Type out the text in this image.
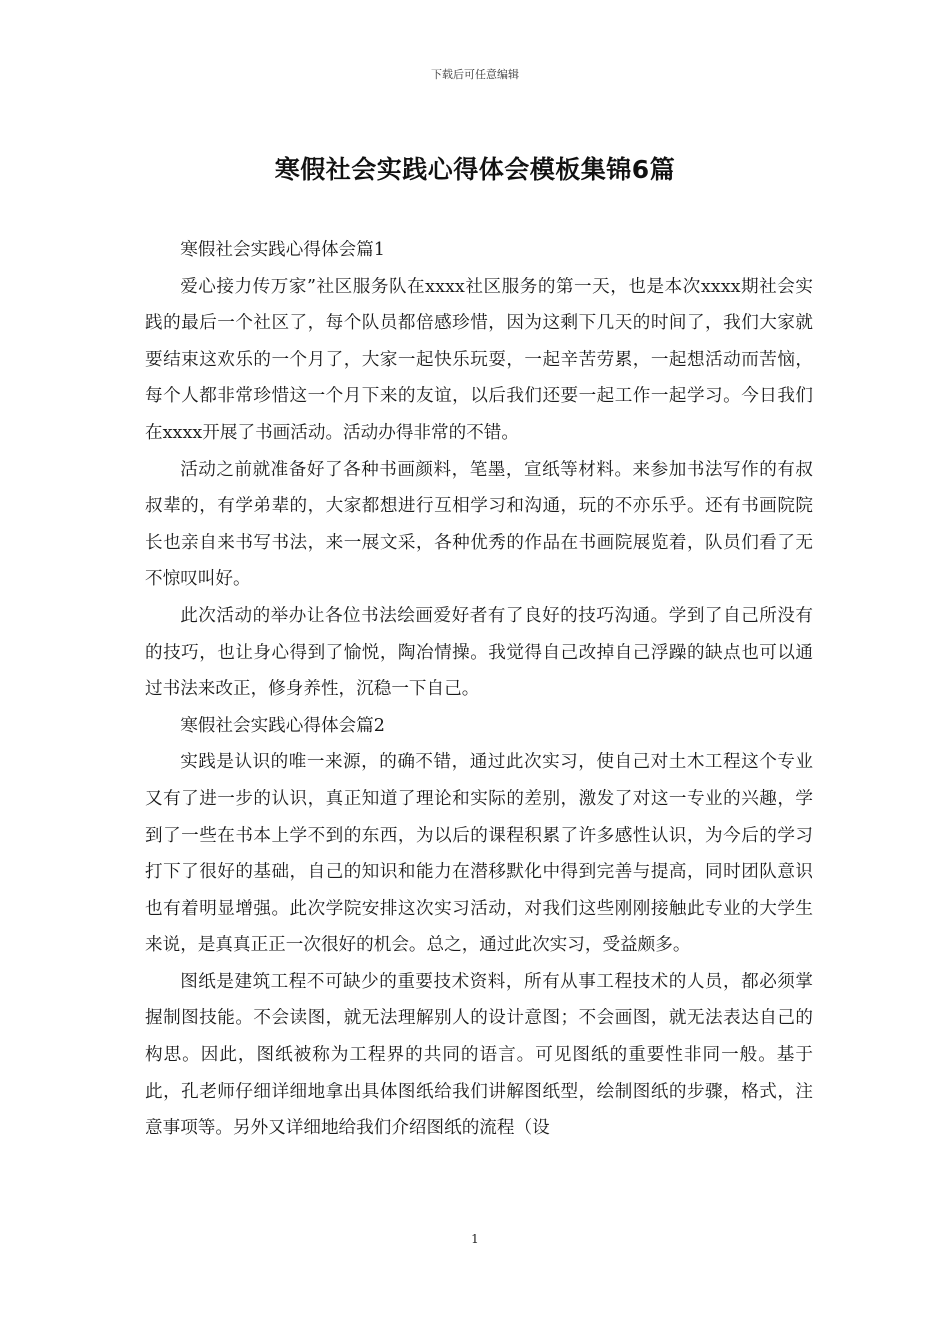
下载后可任意编辑
寒假社会实践心得体会模板集锦6篇

寒假社会实践心得体会篇1

爱心接力传万家”社区服务队在xxxx社区服务的第一天，也是本次xxxx期社会实践的最后一个社区了，每个队员都倍感珍惜，因为这剩下几天的时间了，我们大家就要结束这欢乐的一个月了，大家一起快乐玩耍，一起辛苦劳累，一起想活动而苦恼，每个人都非常珍惜这一个月下来的友谊，以后我们还要一起工作一起学习。今日我们在xxxx开展了书画活动。活动办得非常的不错。

活动之前就准备好了各种书画颜料，笔墨，宣纸等材料。来参加书法写作的有叔叔辈的，有学弟辈的，大家都想进行互相学习和沟通，玩的不亦乐乎。还有书画院院长也亲自来书写书法，来一展文采，各种优秀的作品在书画院展览着，队员们看了无不惊叹叫好。

此次活动的举办让各位书法绘画爱好者有了良好的技巧沟通。学到了自己所没有的技巧，也让身心得到了愉悦，陶冶情操。我觉得自己改掉自己浮躁的缺点也可以通过书法来改正，修身养性，沉稳一下自己。

寒假社会实践心得体会篇2

实践是认识的唯一来源，的确不错，通过此次实习，使自己对土木工程这个专业又有了进一步的认识，真正知道了理论和实际的差别，激发了对这一专业的兴趣，学到了一些在书本上学不到的东西，为以后的课程积累了许多感性认识，为今后的学习打下了很好的基础，自己的知识和能力在潜移默化中得到完善与提高，同时团队意识也有着明显增强。此次学院安排这次实习活动，对我们这些刚刚接触此专业的大学生来说，是真真正正一次很好的机会。总之，通过此次实习，受益颇多。

图纸是建筑工程不可缺少的重要技术资料，所有从事工程技术的人员，都必须掌握制图技能。不会读图，就无法理解别人的设计意图；不会画图，就无法表达自己的构思。因此，图纸被称为工程界的共同的语言。可见图纸的重要性非同一般。基于此，孔老师仔细详细地拿出具体图纸给我们讲解图纸型，绘制图纸的步骤，格式，注意事项等。另外又详细地给我们介绍图纸的流程（设

1
